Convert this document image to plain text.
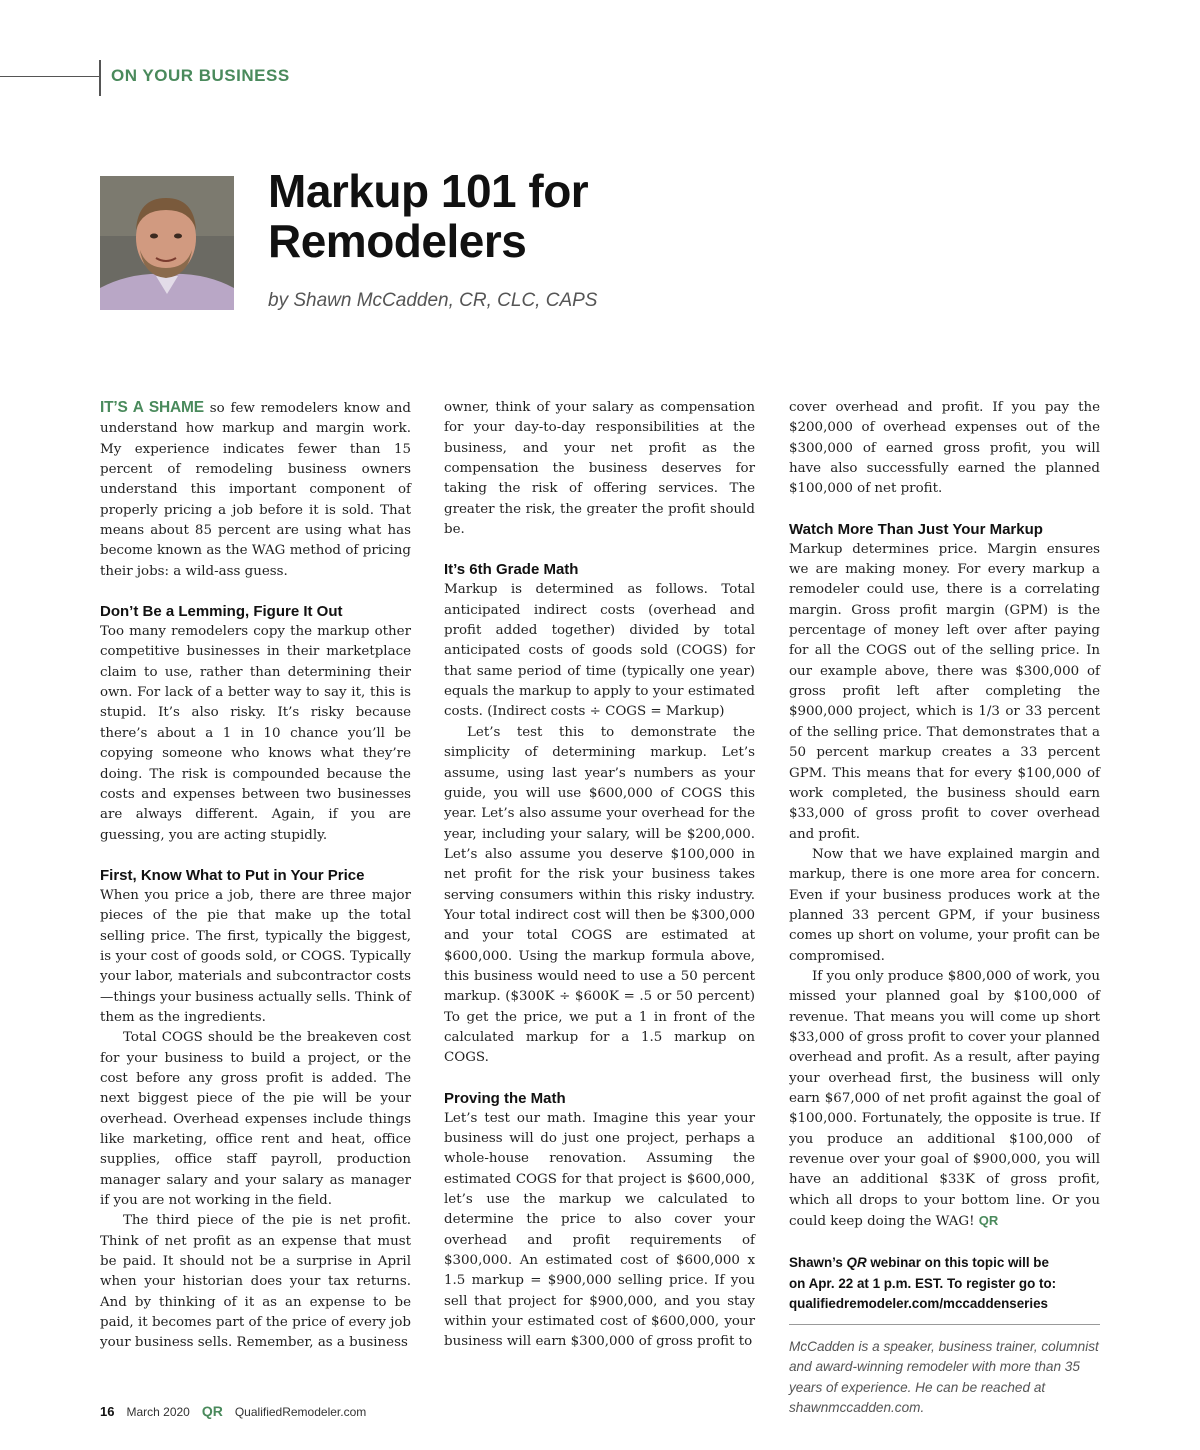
ON YOUR BUSINESS
Markup 101 for
Remodelers
by Shawn McCadden, CR, CLC, CAPS

IT’S A SHAME so few remodelers know and understand how markup and margin work. My experience indicates fewer than 15 percent of remodeling business owners understand this important component of properly pricing a job before it is sold. That means about 85 percent are using what has become known as the WAG method of pricing their jobs: a wild-ass guess.

Don’t Be a Lemming, Figure It Out

Too many remodelers copy the markup other competitive businesses in their marketplace claim to use, rather than determining their own. For lack of a better way to say it, this is stupid. It’s also risky. It’s risky because there’s about a 1 in 10 chance you’ll be copying someone who knows what they’re doing. The risk is compounded because the costs and expenses between two businesses are always different. Again, if you are guessing, you are acting stupidly.

First, Know What to Put in Your Price

When you price a job, there are three major pieces of the pie that make up the total selling price. The first, typically the biggest, is your cost of goods sold, or COGS. Typically your labor, materials and subcontractor costs—things your business actually sells. Think of them as the ingredients.

Total COGS should be the breakeven cost for your business to build a project, or the cost before any gross profit is added. The next biggest piece of the pie will be your overhead. Overhead expenses include things like marketing, office rent and heat, office supplies, office staff payroll, production manager salary and your salary as manager if you are not working in the field.

The third piece of the pie is net profit. Think of net profit as an expense that must be paid. It should not be a surprise in April when your historian does your tax returns. And by thinking of it as an expense to be paid, it becomes part of the price of every job your business sells. Remember, as a business

owner, think of your salary as compensation for your day-to-day responsibilities at the business, and your net profit as the compensation the business deserves for taking the risk of offering services. The greater the risk, the greater the profit should be.

It’s 6th Grade Math

Markup is determined as follows. Total anticipated indirect costs (overhead and profit added together) divided by total anticipated costs of goods sold (COGS) for that same period of time (typically one year) equals the markup to apply to your estimated costs. (Indirect costs ÷ COGS = Markup)

Let’s test this to demonstrate the simplicity of determining markup. Let’s assume, using last year’s numbers as your guide, you will use $600,000 of COGS this year. Let’s also assume your overhead for the year, including your salary, will be $200,000. Let’s also assume you deserve $100,000 in net profit for the risk your business takes serving consumers within this risky industry. Your total indirect cost will then be $300,000 and your total COGS are estimated at $600,000. Using the markup formula above, this business would need to use a 50 percent markup. ($300K ÷ $600K = .5 or 50 percent) To get the price, we put a 1 in front of the calculated markup for a 1.5 markup on COGS.

Proving the Math

Let’s test our math. Imagine this year your business will do just one project, perhaps a whole-house renovation. Assuming the estimated COGS for that project is $600,000, let’s use the markup we calculated to determine the price to also cover your overhead and profit requirements of $300,000. An estimated cost of $600,000 x 1.5 markup = $900,000 selling price. If you sell that project for $900,000, and you stay within your estimated cost of $600,000, your business will earn $300,000 of gross profit to

cover overhead and profit. If you pay the $200,000 of overhead expenses out of the $300,000 of earned gross profit, you will have also successfully earned the planned $100,000 of net profit.

Watch More Than Just Your Markup

Markup determines price. Margin ensures we are making money. For every markup a remodeler could use, there is a correlating margin. Gross profit margin (GPM) is the percentage of money left over after paying for all the COGS out of the selling price. In our example above, there was $300,000 of gross profit left after completing the $900,000 project, which is 1/3 or 33 percent of the selling price. That demonstrates that a 50 percent markup creates a 33 percent GPM. This means that for every $100,000 of work completed, the business should earn $33,000 of gross profit to cover overhead and profit.

Now that we have explained margin and markup, there is one more area for concern. Even if your business produces work at the planned 33 percent GPM, if your business comes up short on volume, your profit can be compromised.

If you only produce $800,000 of work, you missed your planned goal by $100,000 of revenue. That means you will come up short $33,000 of gross profit to cover your planned overhead and profit. As a result, after paying your overhead first, the business will only earn $67,000 of net profit against the goal of $100,000. Fortunately, the opposite is true. If you produce an additional $100,000 of revenue over your goal of $900,000, you will have an additional $33K of gross profit, which all drops to your bottom line. Or you could keep doing the WAG! QR

Shawn’s QR webinar on this topic will be
on Apr. 22 at 1 p.m. EST. To register go to:
qualifiedremodeler.com/mccaddenseries
McCadden is a speaker, business trainer, columnist and award-winning remodeler with more than 35 years of experience. He can be reached at shawnmccadden.com.
16 March 2020 QR QualifiedRemodeler.com
